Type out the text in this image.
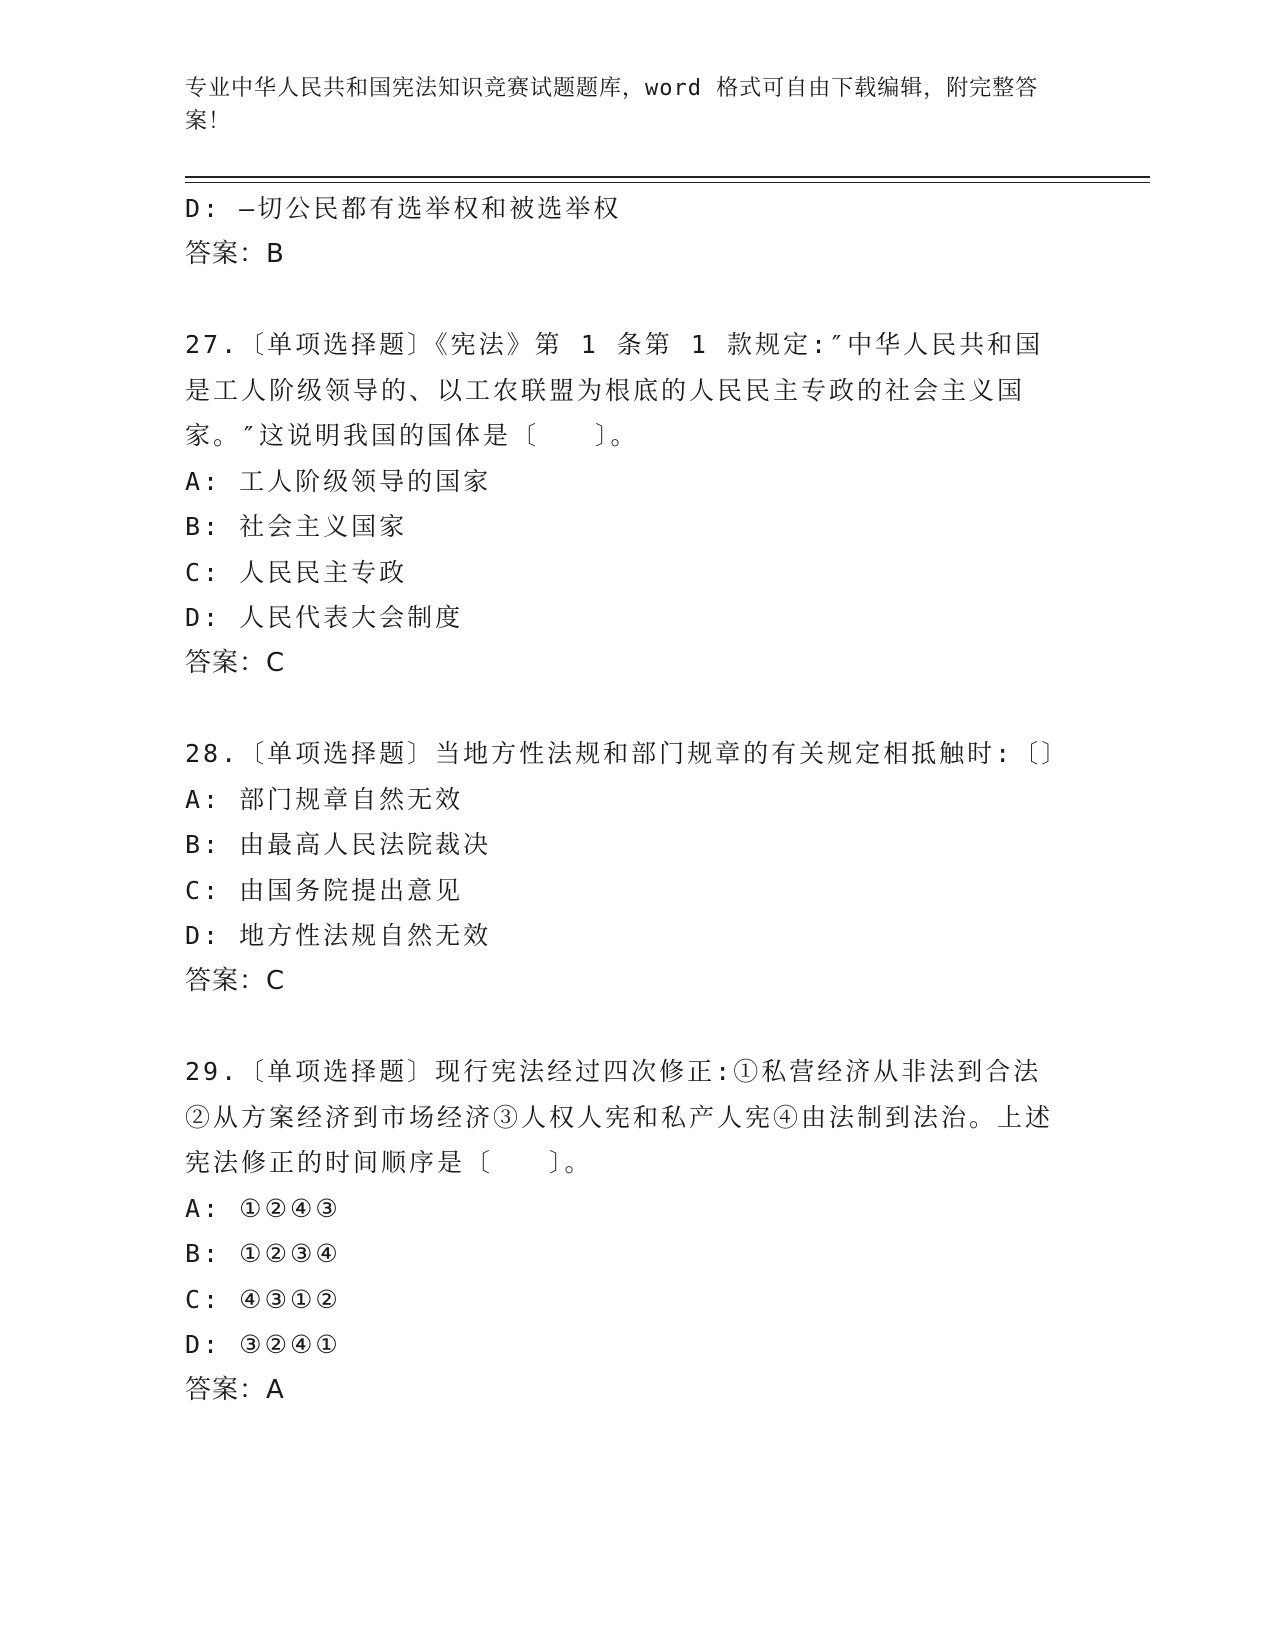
专业中华人民共和国宪法知识竞赛试题题库，word 格式可自由下载编辑，附完整答案！
D: —切公民都有选举权和被选举权
答案：B
27.〔单项选择题〕《宪法》第 1 条第 1 款规定:″中华人民共和国是工人阶级领导的、以工农联盟为根底的人民民主专政的社会主义国家。″这说明我国的国体是〔　　〕。
A: 工人阶级领导的国家
B: 社会主义国家
C: 人民民主专政
D: 人民代表大会制度
答案：C
28.〔单项选择题〕当地方性法规和部门规章的有关规定相抵触时:〔〕
A: 部门规章自然无效
B: 由最高人民法院裁决
C: 由国务院提出意见
D: 地方性法规自然无效
答案：C
29.〔单项选择题〕现行宪法经过四次修正:①私营经济从非法到合法②从方案经济到市场经济③人权人宪和私产人宪④由法制到法治。上述宪法修正的时间顺序是〔　　〕。
A: ①②④③
B: ①②③④
C: ④③①②
D: ③②④①
答案：A
